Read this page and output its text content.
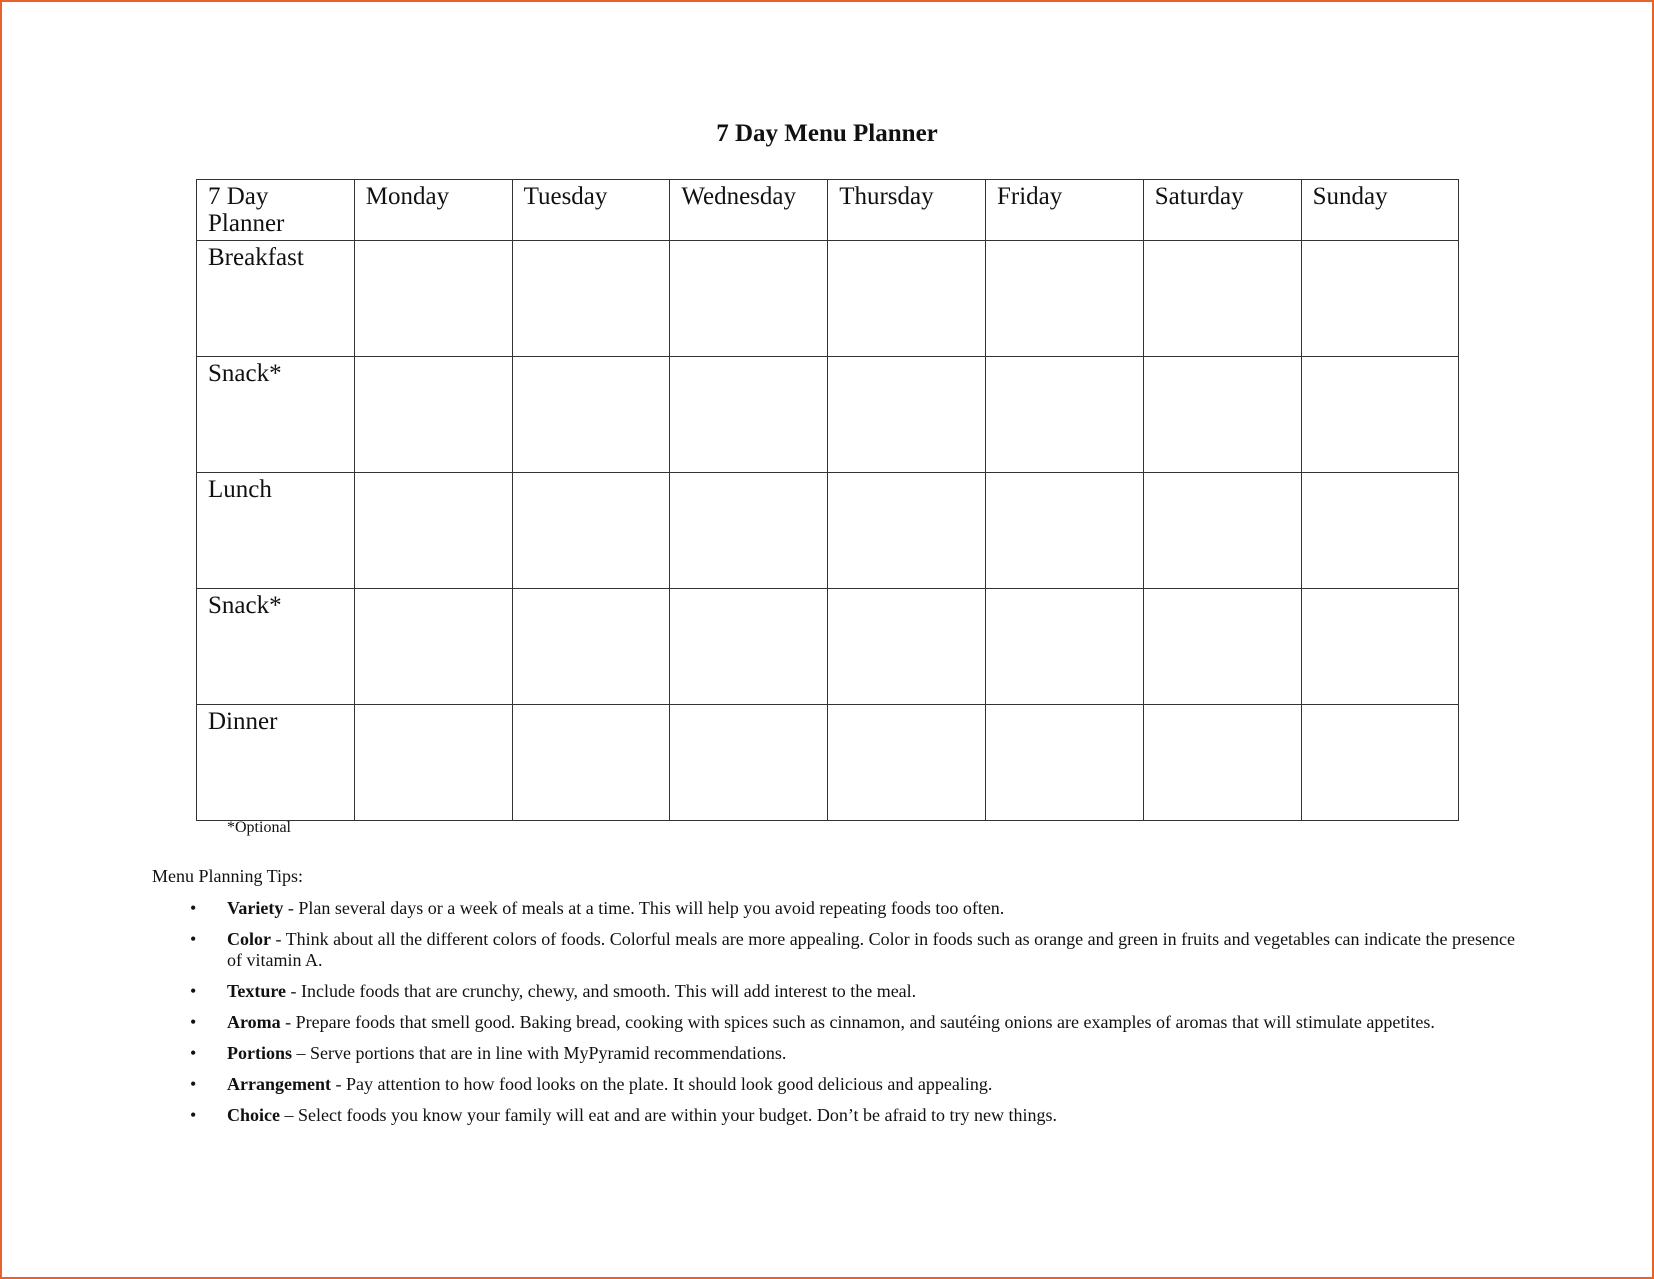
7 Day Menu Planner
7 Day
Planner	Monday	Tuesday	Wednesday	Thursday	Friday	Saturday	Sunday
Breakfast							
Snack*							
Lunch							
Snack*							
Dinner							
*Optional
Menu Planning Tips:
• Variety - Plan several days or a week of meals at a time. This will help you avoid repeating foods too often.
• Color - Think about all the different colors of foods. Colorful meals are more appealing. Color in foods such as orange and green in fruits and vegetables can indicate the presence of vitamin A.
• Texture - Include foods that are crunchy, chewy, and smooth. This will add interest to the meal.
• Aroma - Prepare foods that smell good. Baking bread, cooking with spices such as cinnamon, and sautéing onions are examples of aromas that will stimulate appetites.
• Portions – Serve portions that are in line with MyPyramid recommendations.
• Arrangement - Pay attention to how food looks on the plate. It should look good delicious and appealing.
• Choice – Select foods you know your family will eat and are within your budget. Don’t be afraid to try new things.
